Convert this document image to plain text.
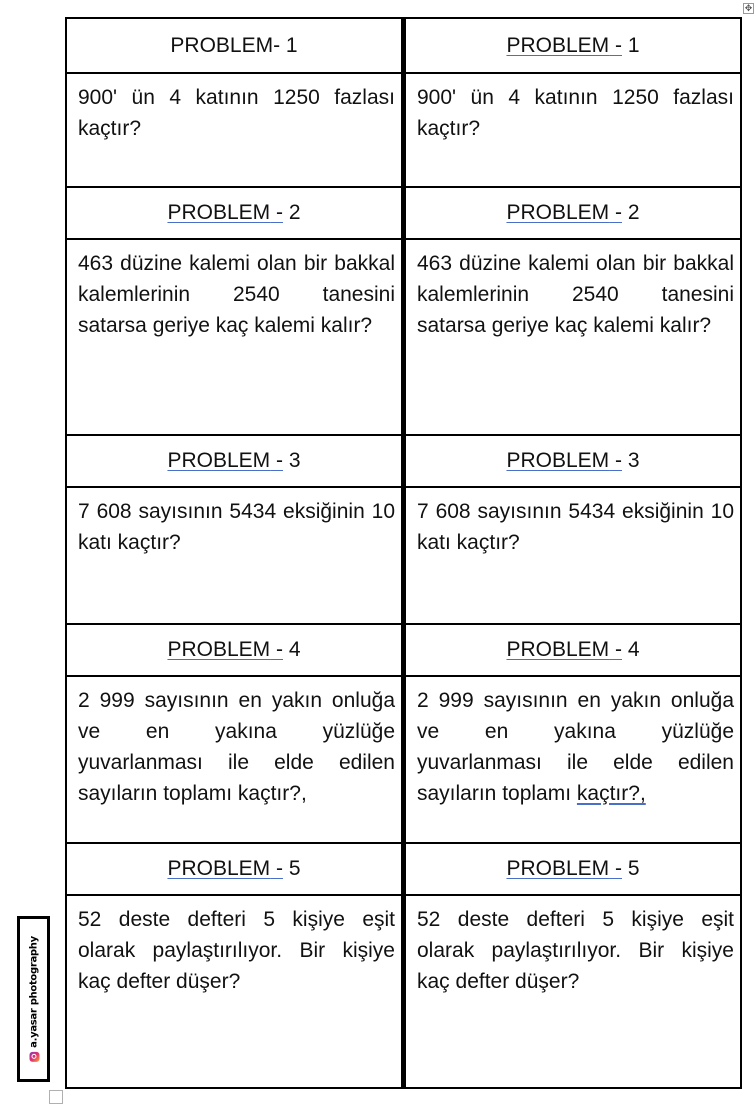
✥
PROBLEM- 1

900' ün 4 katının 1250 fazlası kaçtır?

PROBLEM - 2

463 düzine kalemi olan bir bakkal kalemlerinin 2540 tanesini satarsa geriye kaç kalemi kalır?

PROBLEM - 3

7 608 sayısının 5434 eksiğinin 10 katı kaçtır?

PROBLEM - 4

2 999 sayısının en yakın onluğa ve en yakına yüzlüğe yuvarlanması ile elde edilen sayıların toplamı kaçtır?,

PROBLEM - 5

52 deste defteri 5 kişiye eşit olarak paylaştırılıyor. Bir kişiye kaç defter düşer?

PROBLEM - 1

900' ün 4 katının 1250 fazlası kaçtır?

PROBLEM - 2

463 düzine kalemi olan bir bakkal kalemlerinin 2540 tanesini satarsa geriye kaç kalemi kalır?

PROBLEM - 3

7 608 sayısının 5434 eksiğinin 10 katı kaçtır?

PROBLEM - 4

2 999 sayısının en yakın onluğa ve en yakına yüzlüğe yuvarlanması ile elde edilen sayıların toplamı kaçtır?,

PROBLEM - 5

52 deste defteri 5 kişiye eşit olarak paylaştırılıyor. Bir kişiye kaç defter düşer?

a.yasar photography
